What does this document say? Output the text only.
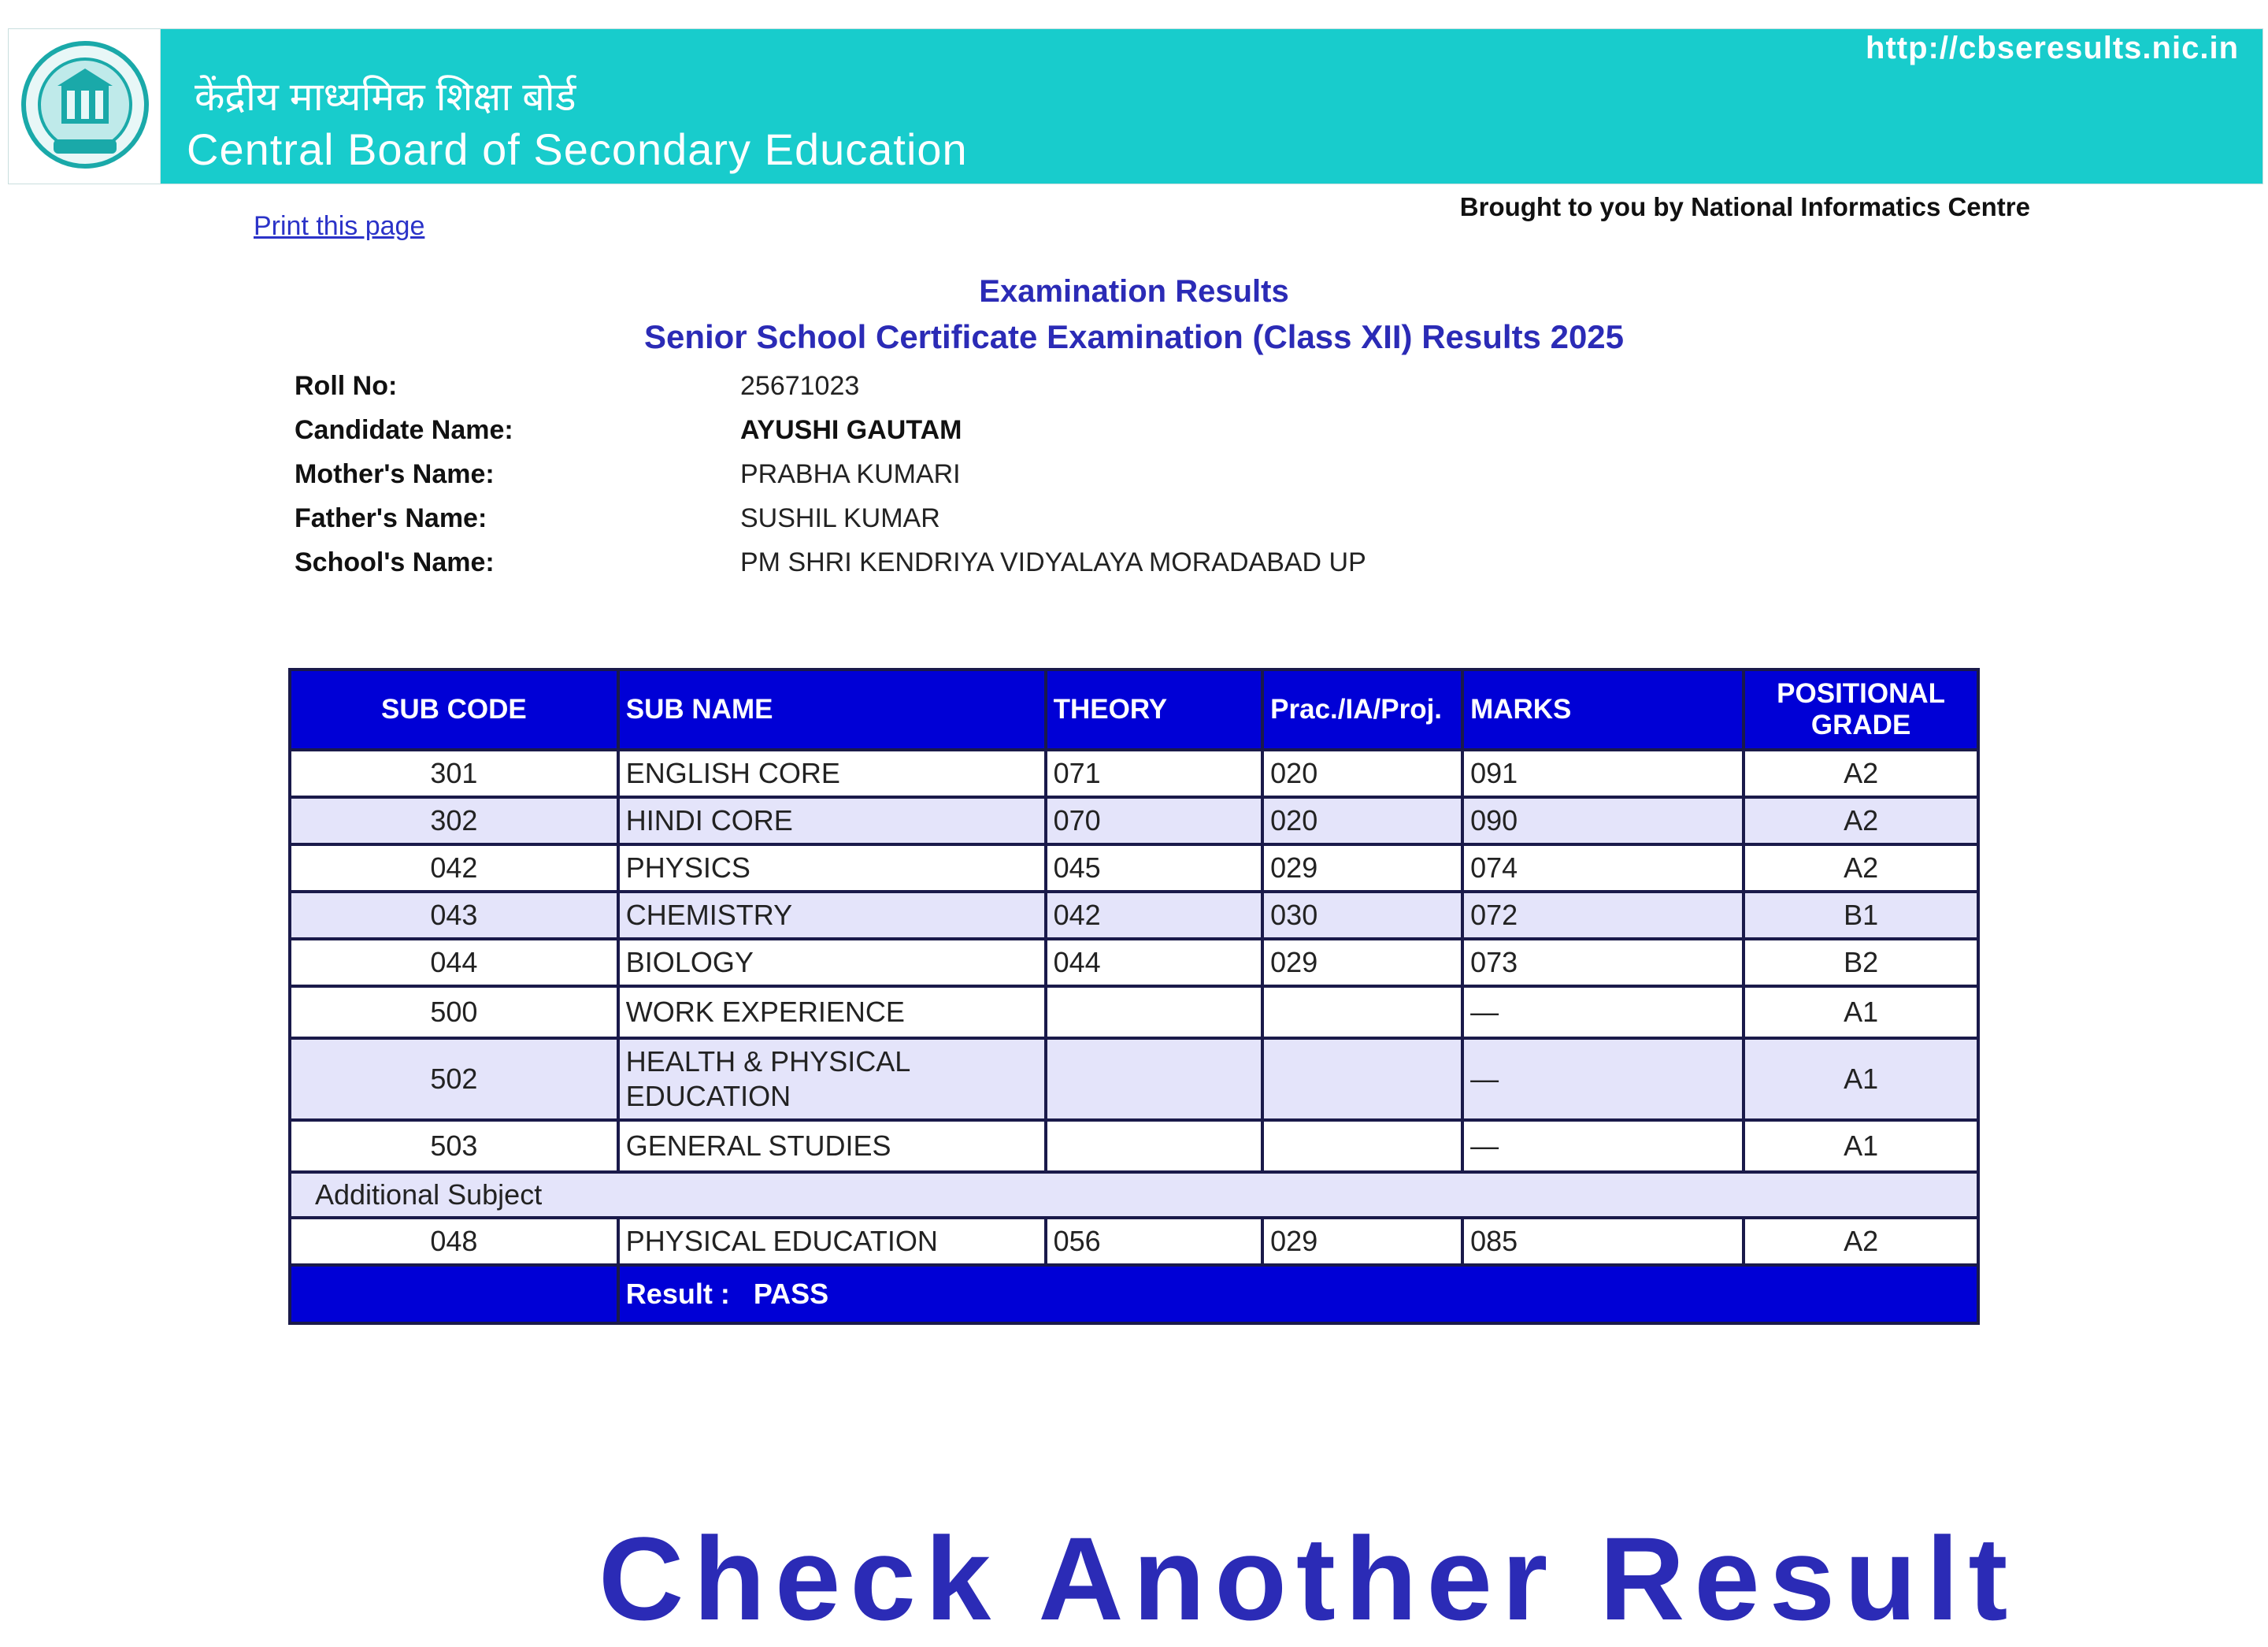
http://cbseresults.nic.in
केंद्रीय माध्यमिक शिक्षा बोर्ड
Central Board of Secondary Education
Print this page
Brought to you by National Informatics Centre
Examination Results
Senior School Certificate Examination (Class XII) Results 2025
Roll No:	25671023
Candidate Name:	AYUSHI GAUTAM
Mother's Name:	PRABHA KUMARI
Father's Name:	SUSHIL KUMAR
School's Name:	PM SHRI KENDRIYA VIDYALAYA MORADABAD UP
SUB CODE	SUB NAME	THEORY	Prac./IA/Proj.	MARKS	POSITIONAL GRADE
301	ENGLISH CORE	071	020	091	A2
302	HINDI CORE	070	020	090	A2
042	PHYSICS	045	029	074	A2
043	CHEMISTRY	042	030	072	B1
044	BIOLOGY	044	029	073	B2
500	WORK EXPERIENCE			—	A1
502	HEALTH & PHYSICAL EDUCATION			—	A1
503	GENERAL STUDIES			—	A1
Additional Subject					
048	PHYSICAL EDUCATION	056	029	085	A2
	Result : PASS				
Check Another Result
